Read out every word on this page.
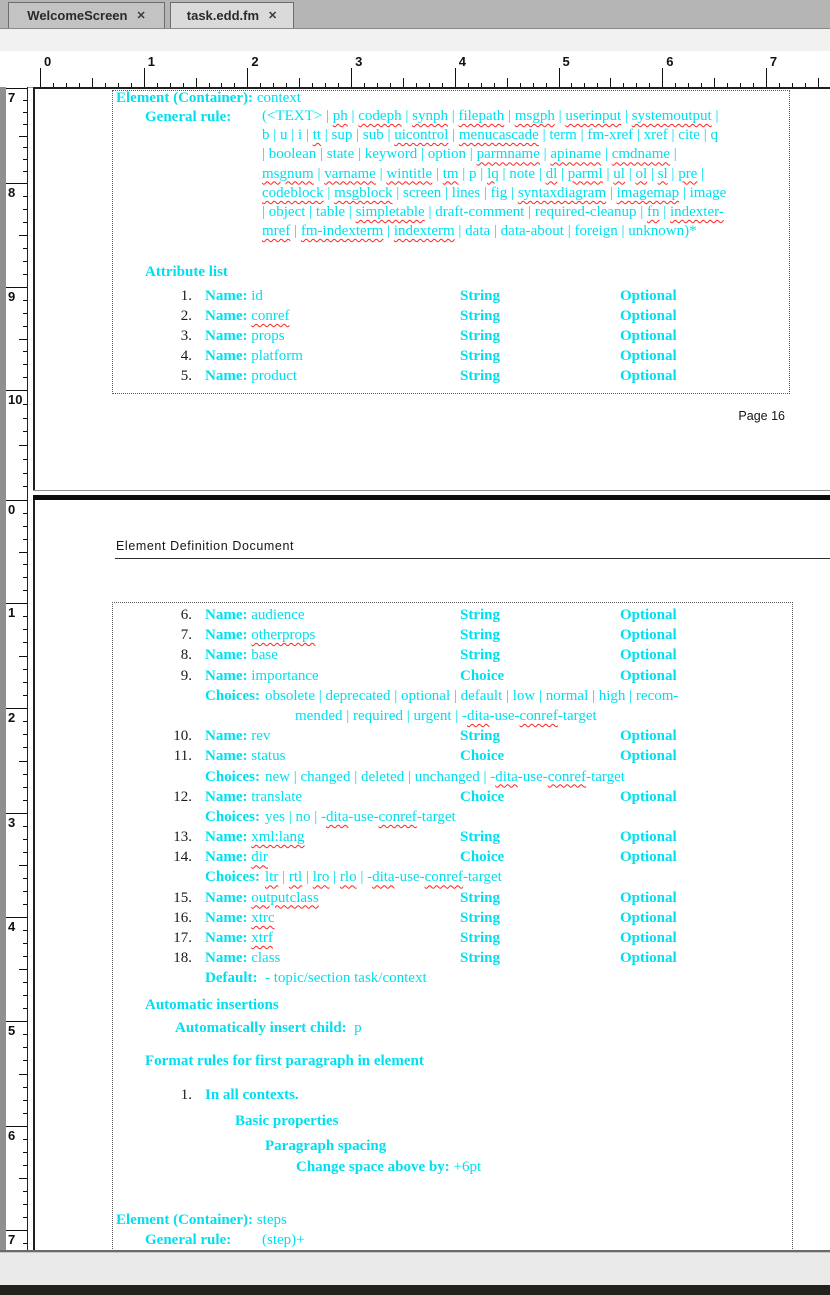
WelcomeScreen ✕	task.edd.fm ✕
0	1	2	3	4	5	6	7
7
8
9
10
0
1
2
3
4
5
6
7
Element (Container): context
General rule: (<TEXT> | ph | codeph | synph | filepath | msgph | userinput | systemoutput |
b | u | i | tt | sup | sub | uicontrol | menucascade | term | fm-xref | xref | cite | q
| boolean | state | keyword | option | parmname | apiname | cmdname |
msgnum | varname | wintitle | tm | p | lq | note | dl | parml | ul | ol | sl | pre |
codeblock | msgblock | screen | lines | fig | syntaxdiagram | imagemap | image
| object | table | simpletable | draft-comment | required-cleanup | fn | indexter-
mref | fm-indexterm | indexterm | data | data-about | foreign | unknown)*
Attribute list
1. Name: id	String	Optional
2. Name: conref	String	Optional
3. Name: props	String	Optional
4. Name: platform	String	Optional
5. Name: product	String	Optional
Page 16
Element Definition Document
6. Name: audience	String	Optional
7. Name: otherprops	String	Optional
8. Name: base	String	Optional
9. Name: importance	Choice	Optional
Choices: obsolete | deprecated | optional | default | low | normal | high | recom-
mended | required | urgent | -dita-use-conref-target
10. Name: rev	String	Optional
11. Name: status	Choice	Optional
Choices: new | changed | deleted | unchanged | -dita-use-conref-target
12. Name: translate	Choice	Optional
Choices: yes | no | -dita-use-conref-target
13. Name: xml:lang	String	Optional
14. Name: dir	Choice	Optional
Choices: ltr | rtl | lro | rlo | -dita-use-conref-target
15. Name: outputclass	String	Optional
16. Name: xtrc	String	Optional
17. Name: xtrf	String	Optional
18. Name: class	String	Optional
Default: - topic/section task/context
Automatic insertions
Automatically insert child: p
Format rules for first paragraph in element
1. In all contexts.
Basic properties
Paragraph spacing
Change space above by: +6pt
Element (Container): steps
General rule: (step)+
